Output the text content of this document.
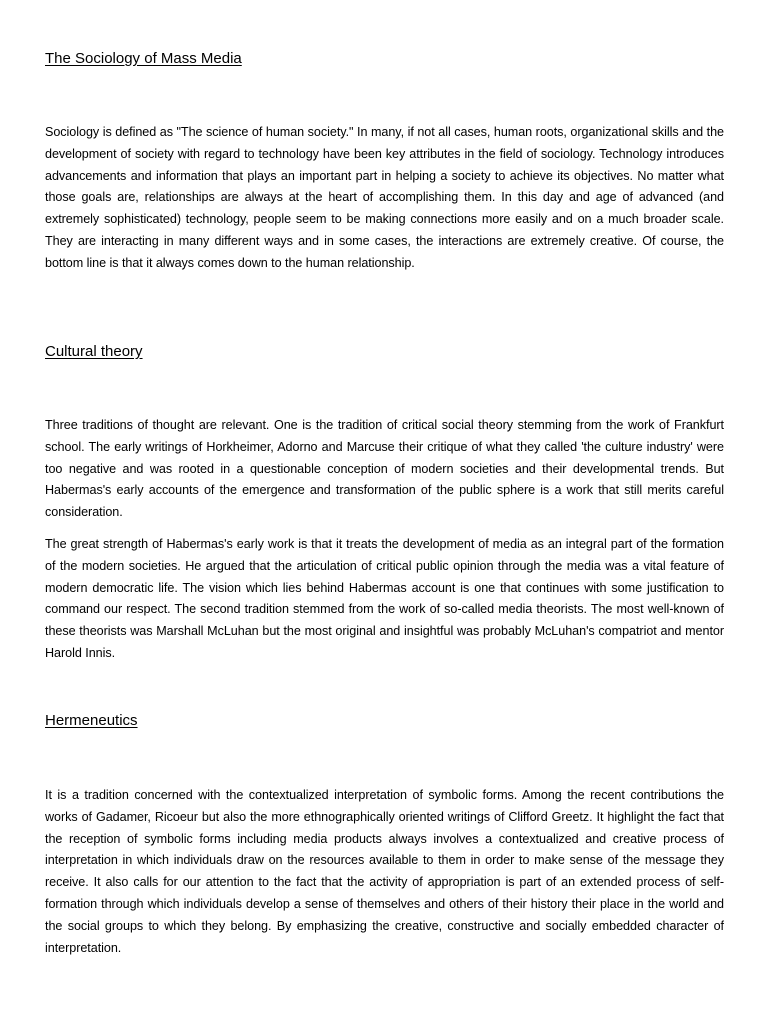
The Sociology of Mass Media

Sociology is defined as "The science of human society." In many, if not all cases, human roots, organizational skills and the development of society with regard to technology have been key attributes in the field of sociology. Technology introduces advancements and information that plays an important part in helping a society to achieve its objectives. No matter what those goals are, relationships are always at the heart of accomplishing them. In this day and age of advanced (and extremely sophisticated) technology, people seem to be making connections more easily and on a much broader scale. They are interacting in many different ways and in some cases, the interactions are extremely creative. Of course, the bottom line is that it always comes down to the human relationship.

Cultural theory

Three traditions of thought are relevant. One is the tradition of critical social theory stemming from the work of Frankfurt school. The early writings of Horkheimer, Adorno and Marcuse their critique of what they called 'the culture industry' were too negative and was rooted in a questionable conception of modern societies and their developmental trends. But Habermas's early accounts of the emergence and transformation of the public sphere is a work that still merits careful consideration.

The great strength of Habermas's early work is that it treats the development of media as an integral part of the formation of the modern societies. He argued that the articulation of critical public opinion through the media was a vital feature of modern democratic life. The vision which lies behind Habermas account is one that continues with some justification to command our respect. The second tradition stemmed from the work of so-called media theorists. The most well-known of these theorists was Marshall McLuhan but the most original and insightful was probably McLuhan's compatriot and mentor Harold Innis.

Hermeneutics

It is a tradition concerned with the contextualized interpretation of symbolic forms. Among the recent contributions the works of Gadamer, Ricoeur but also the more ethnographically oriented writings of Clifford Greetz. It highlight the fact that the reception of symbolic forms including media products always involves a contextualized and creative process of interpretation in which individuals draw on the resources available to them in order to make sense of the message they receive. It also calls for our attention to the fact that the activity of appropriation is part of an extended process of self-formation through which individuals develop a sense of themselves and others of their history their place in the world and the social groups to which they belong. By emphasizing the creative, constructive and socially embedded character of interpretation.
